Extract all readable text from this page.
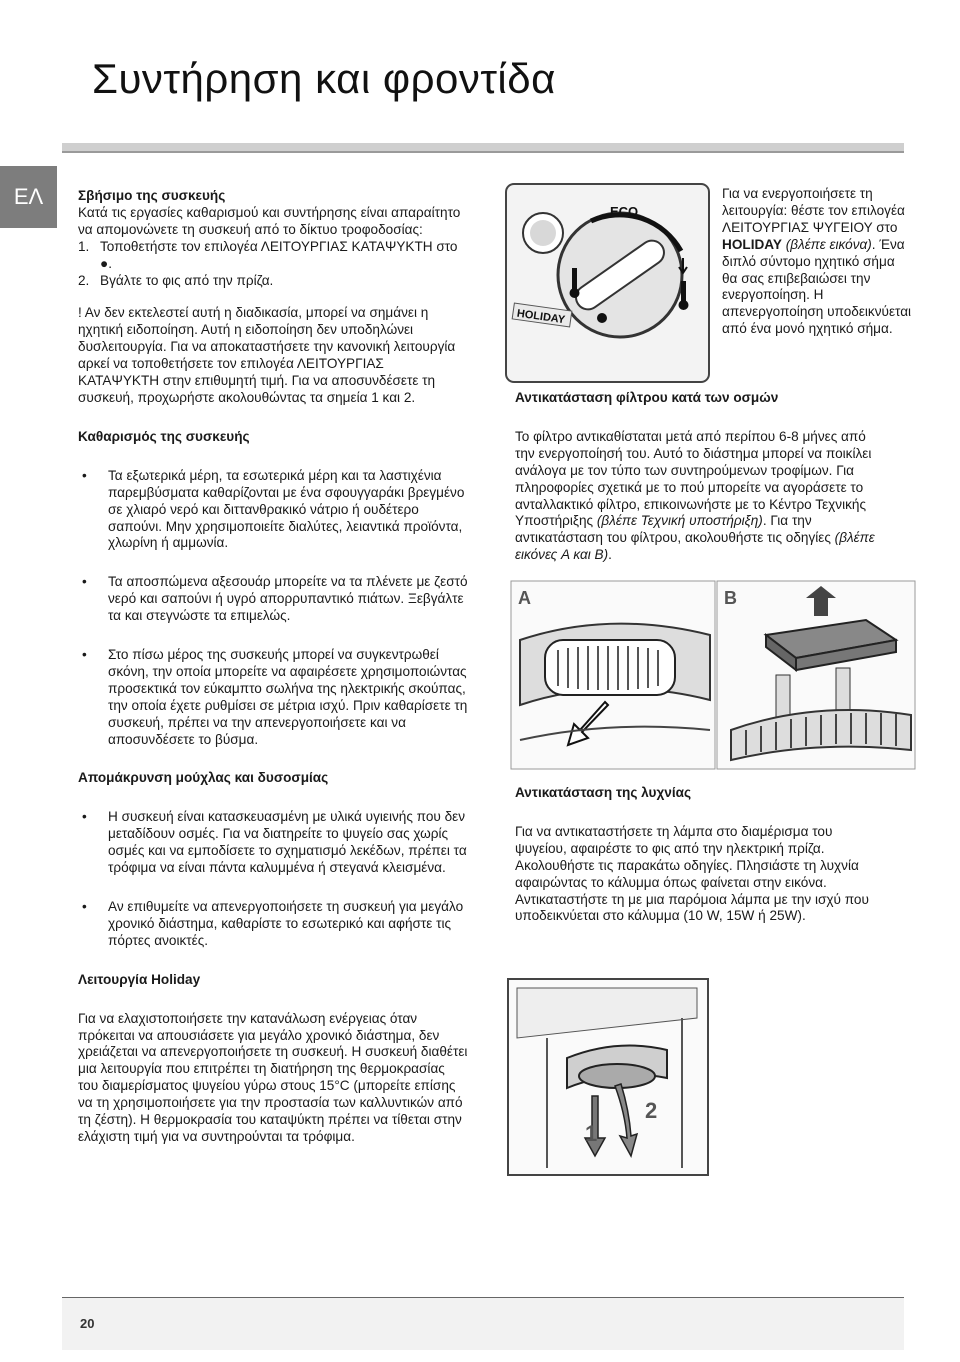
Συντήρηση και φροντίδα
ΕΛ	Σβήσιμο της συσκευής

Κατά τις εργασίες καθαρισμού και συντήρησης είναι απαραίτητο να απομονώνετε τη συσκευή από το δίκτυο τροφοδοσίας:

1. Τοποθετήστε τον επιλογέα ΛΕΙΤΟΥΡΓΙΑΣ ΚΑΤΑΨΥΚΤΗ στο ●.
2. Βγάλτε το φις από την πρίζα.

! Αν δεν εκτελεστεί αυτή η διαδικασία, μπορεί να σημάνει η ηχητική ειδοποίηση. Αυτή η ειδοποίηση δεν υποδηλώνει δυσλειτουργία. Για να αποκαταστήσετε την κανονική λειτουργία αρκεί να τοποθετήσετε τον επιλογέα ΛΕΙΤΟΥΡΓΙΑΣ ΚΑΤΑΨΥΚΤΗ στην επιθυμητή τιμή. Για να αποσυνδέσετε τη συσκευή, προχωρήστε ακολουθώντας τα σημεία 1 και 2.

Καθαρισμός της συσκευής

• Τα εξωτερικά μέρη, τα εσωτερικά μέρη και τα λαστιχένια παρεμβύσματα καθαρίζονται με ένα σφουγγαράκι βρεγμένο σε χλιαρό νερό και διττανθρακικό νάτριο ή ουδέτερο σαπούνι. Μην χρησιμοποιείτε διαλύτες, λειαντικά προϊόντα, χλωρίνη ή αμμωνία.

• Τα αποσπώμενα αξεσουάρ μπορείτε να τα πλένετε με ζεστό νερό και σαπούνι ή υγρό απορρυπαντικό πιάτων. Ξεβγάλτε τα και στεγνώστε τα επιμελώς.

• Στο πίσω μέρος της συσκευής μπορεί να συγκεντρωθεί σκόνη, την οποία μπορείτε να αφαιρέσετε χρησιμοποιώντας προσεκτικά τον εύκαμπτο σωλήνα της ηλεκτρικής σκούπας, την οποία έχετε ρυθμίσει σε μέτρια ισχύ. Πριν καθαρίσετε τη συσκευή, πρέπει να την απενεργοποιήσετε και να αποσυνδέσετε το βύσμα.

Απομάκρυνση μούχλας και δυσοσμίας

• Η συσκευή είναι κατασκευασμένη με υλικά υγιεινής που δεν μεταδίδουν οσμές. Για να διατηρείτε το ψυγείο σας χωρίς οσμές και να εμποδίσετε το σχηματισμό λεκέδων, πρέπει τα τρόφιμα να είναι πάντα καλυμμένα ή στεγανά κλεισμένα.

• Αν επιθυμείτε να απενεργοποιήσετε τη συσκευή για μεγάλο χρονικό διάστημα, καθαρίστε το εσωτερικό και αφήστε τις πόρτες ανοικτές.

Λειτουργία Holiday

Για να ελαχιστοποιήσετε την κατανάλωση ενέργειας όταν πρόκειται να απουσιάσετε για μεγάλο χρονικό διάστημα, δεν χρειάζεται να απενεργοποιήσετε τη συσκευή. Η συσκευή διαθέτει μια λειτουργία που επιτρέπει τη διατήρηση της θερμοκρασίας του διαμερίσματος ψυγείου γύρω στους 15°C (μπορείτε επίσης να τη χρησιμοποιήσετε για την προστασία των καλλυντικών από τη ζέστη). Η θερμοκρασία του καταψύκτη πρέπει να τίθεται στην ελάχιστη τιμή για να συντηρούνται τα τρόφιμα.

ECO
HOLIDAY

Για να ενεργοποιήσετε τη λειτουργία: θέστε τον επιλογέα ΛΕΙΤΟΥΡΓΙΑΣ ΨΥΓΕΙΟΥ στο HOLIDAY (βλέπε εικόνα). Ένα διπλό σύντομο ηχητικό σήμα θα σας επιβεβαιώσει την ενεργοποίηση. Η απενεργοποίηση υποδεικνύεται από ένα μονό ηχητικό σήμα.

Αντικατάσταση φίλτρου κατά των οσμών

Το φίλτρο αντικαθίσταται μετά από περίπου 6-8 μήνες από την ενεργοποίησή του. Αυτό το διάστημα μπορεί να ποικίλει ανάλογα με τον τύπο των συντηρούμενων τροφίμων. Για πληροφορίες σχετικά με το πού μπορείτε να αγοράσετε το ανταλλακτικό φίλτρο, επικοινωνήστε με το Κέντρο Τεχνικής Υποστήριξης (βλέπε Τεχνική υποστήριξη). Για την αντικατάσταση του φίλτρου, ακολουθήστε τις οδηγίες (βλέπε εικόνες A και B).

A	B

Αντικατάσταση της λυχνίας

Για να αντικαταστήσετε τη λάμπα στο διαμέρισμα του ψυγείου, αφαιρέστε το φις από την ηλεκτρική πρίζα. Ακολουθήστε τις παρακάτω οδηγίες. Πλησιάστε τη λυχνία αφαιρώντας το κάλυμμα όπως φαίνεται στην εικόνα. Αντικαταστήστε τη με μια παρόμοια λάμπα με την ισχύ που υποδεικνύεται στο κάλυμμα (10 W, 15W ή 25W).

2
1
20
